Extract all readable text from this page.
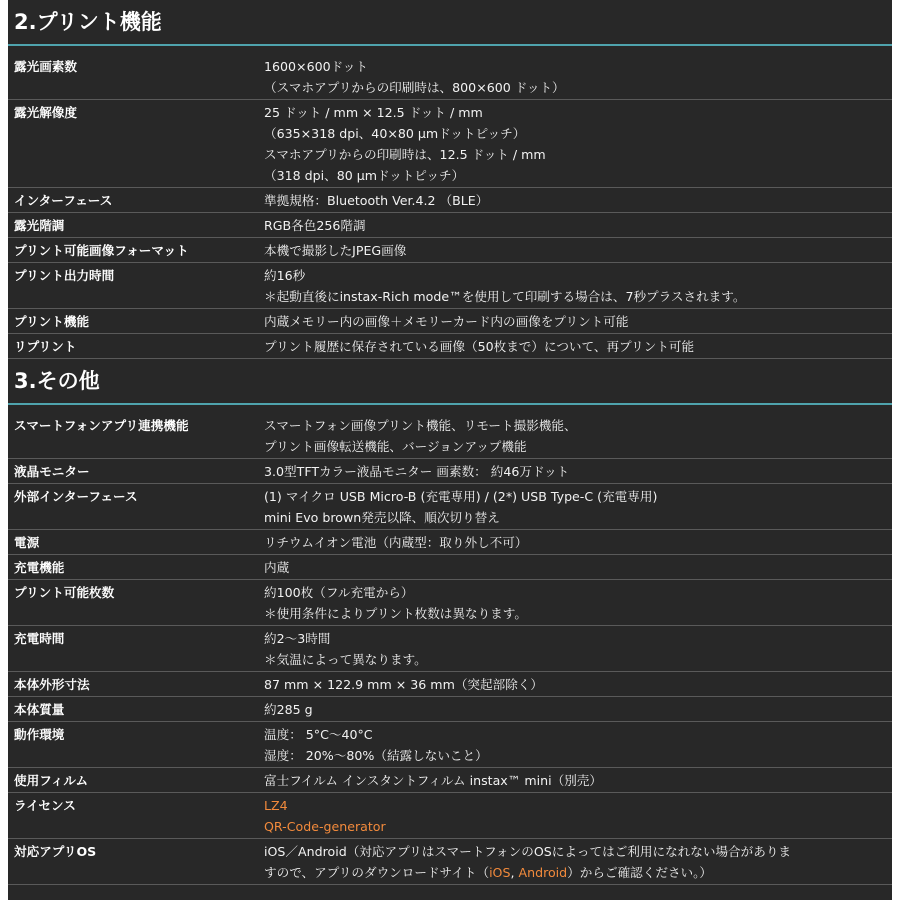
2.プリント機能
露光画素数	1600×600ドット
（スマホアプリからの印刷時は、800×600 ドット）
露光解像度	25 ドット / mm × 12.5 ドット / mm
（635×318 dpi、40×80 μmドットピッチ）
スマホアプリからの印刷時は、12.5 ドット / mm
（318 dpi、80 μmドットピッチ）
インターフェース	準拠規格：Bluetooth Ver.4.2 （BLE）
露光階調	RGB各色256階調
プリント可能画像フォーマット	本機で撮影したJPEG画像
プリント出力時間	約16秒
＊起動直後にinstax-Rich mode™を使用して印刷する場合は、7秒プラスされます。
プリント機能	内蔵メモリー内の画像＋メモリーカード内の画像をプリント可能
リプリント	プリント履歴に保存されている画像（50枚まで）について、再プリント可能
3.その他
スマートフォンアプリ連携機能	スマートフォン画像プリント機能、リモート撮影機能、
プリント画像転送機能、バージョンアップ機能
液晶モニター	3.0型TFTカラー液晶モニター 画素数： 約46万ドット
外部インターフェース	(1) マイクロ USB Micro-B (充電専用) / (2*) USB Type-C (充電専用)
mini Evo brown発売以降、順次切り替え
電源	リチウムイオン電池（内蔵型：取り外し不可）
充電機能	内蔵
プリント可能枚数	約100枚（フル充電から）
＊使用条件によりプリント枚数は異なります。
充電時間	約2～3時間
＊気温によって異なります。
本体外形寸法	87 mm × 122.9 mm × 36 mm（突起部除く）
本体質量	約285 g
動作環境	温度： 5°C～40°C
湿度： 20%～80%（結露しないこと）
使用フィルム	富士フイルム インスタントフィルム instax™ mini（別売）
ライセンス	LZ4
QR-Code-generator
対応アプリOS	iOS／Android（対応アプリはスマートフォンのOSによってはご利用になれない場合がありま
すので、アプリのダウンロードサイト（iOS, Android）からご確認ください。）
